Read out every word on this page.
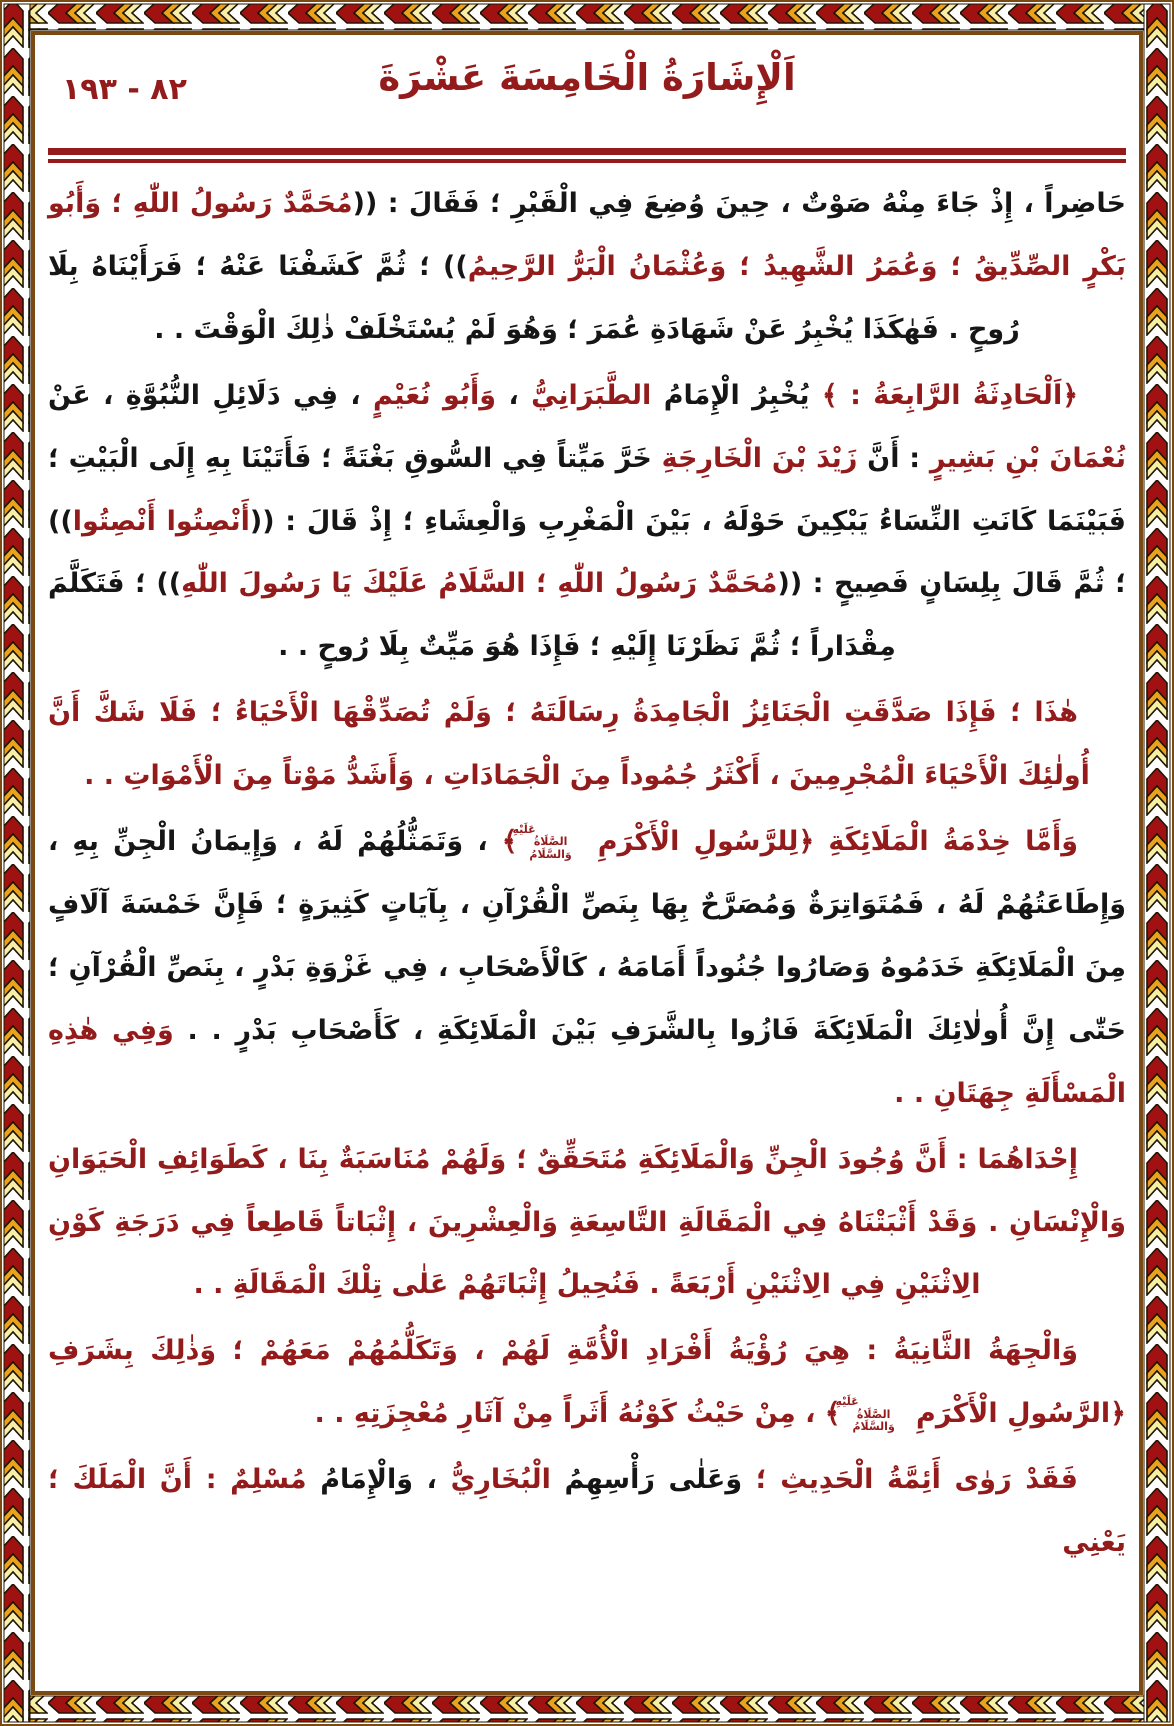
٨٢ - ١٩٣	اَلْإِشَارَةُ الْخَامِسَةَ عَشْرَةَ

حَاضِراً ، إِذْ جَاءَ مِنْهُ صَوْتٌ ، حِينَ وُضِعَ فِي الْقَبْرِ ؛ فَقَالَ : ((مُحَمَّدٌ رَسُولُ اللّٰهِ ؛ وَأَبُو بَكْرٍ الصِّدِّيقُ ؛ وَعُمَرُ الشَّهِيدُ ؛ وَعُثْمَانُ الْبَرُّ الرَّحِيمُ)) ؛ ثُمَّ كَشَفْنَا عَنْهُ ؛ فَرَأَيْنَاهُ بِلَا رُوحٍ . فَهٰكَذَا يُخْبِرُ عَنْ شَهَادَةِ عُمَرَ ؛ وَهُوَ لَمْ يُسْتَخْلَفْ ذٰلِكَ الْوَقْتَ . .

﴿اَلْحَادِثَةُ الرَّابِعَةُ : ﴾ يُخْبِرُ الْإِمَامُ الطَّبَرَانِيُّ ، وَأَبُو نُعَيْمٍ ، فِي دَلَائِلِ النُّبُوَّةِ ، عَنْ نُعْمَانَ بْنِ بَشِيرٍ : أَنَّ زَيْدَ بْنَ الْخَارِجَةِ خَرَّ مَيِّتاً فِي السُّوقِ بَغْتَةً ؛ فَأَتَيْنَا بِهِ إِلَى الْبَيْتِ ؛ فَبَيْنَمَا كَانَتِ النِّسَاءُ يَبْكِينَ حَوْلَهُ ، بَيْنَ الْمَغْرِبِ وَالْعِشَاءِ ؛ إِذْ قَالَ : ((أَنْصِتُوا أَنْصِتُوا)) ؛ ثُمَّ قَالَ بِلِسَانٍ فَصِيحٍ : ((مُحَمَّدٌ رَسُولُ اللّٰهِ ؛ السَّلَامُ عَلَيْكَ يَا رَسُولَ اللّٰهِ)) ؛ فَتَكَلَّمَ مِقْدَاراً ؛ ثُمَّ نَظَرْنَا إِلَيْهِ ؛ فَإِذَا هُوَ مَيِّتٌ بِلَا رُوحٍ . .

هٰذَا ؛ فَإِذَا صَدَّقَتِ الْجَنَائِزُ الْجَامِدَةُ رِسَالَتَهُ ؛ وَلَمْ تُصَدِّقْهَا الْأَحْيَاءُ ؛ فَلَا شَكَّ أَنَّ أُولٰئِكَ الْأَحْيَاءَ الْمُجْرِمِينَ ، أَكْثَرُ جُمُوداً مِنَ الْجَمَادَاتِ ، وَأَشَدُّ مَوْتاً مِنَ الْأَمْوَاتِ . .

وَأَمَّا خِدْمَةُ الْمَلَائِكَةِ ﴿لِلرَّسُولِ الْأَكْرَمِ عَلَيْهِ الصَّلَاةُ وَالسَّلَامُ﴾ ، وَتَمَثُّلُهُمْ لَهُ ، وَإِيمَانُ الْجِنِّ بِهِ ، وَإِطَاعَتُهُمْ لَهُ ، فَمُتَوَاتِرَةٌ وَمُصَرَّحٌ بِهَا بِنَصِّ الْقُرْآنِ ، بِآيَاتٍ كَثِيرَةٍ ؛ فَإِنَّ خَمْسَةَ آلَافٍ مِنَ الْمَلَائِكَةِ خَدَمُوهُ وَصَارُوا جُنُوداً أَمَامَهُ ، كَالْأَصْحَابِ ، فِي غَزْوَةِ بَدْرٍ ، بِنَصِّ الْقُرْآنِ ؛ حَتّٰى إِنَّ أُولٰائِكَ الْمَلَائِكَةَ فَازُوا بِالشَّرَفِ بَيْنَ الْمَلَائِكَةِ ، كَأَصْحَابِ بَدْرٍ . . وَفِي هٰذِهِ الْمَسْأَلَةِ جِهَتَانِ . .

إِحْدَاهُمَا : أَنَّ وُجُودَ الْجِنِّ وَالْمَلَائِكَةِ مُتَحَقِّقٌ ؛ وَلَهُمْ مُنَاسَبَةٌ بِنَا ، كَطَوَائِفِ الْحَيَوَانِ وَالْإِنْسَانِ . وَقَدْ أَثْبَتْنَاهُ فِي الْمَقَالَةِ التَّاسِعَةِ وَالْعِشْرِينَ ، إِثْبَاتاً قَاطِعاً فِي دَرَجَةِ كَوْنِ الِاثْنَيْنِ فِي الِاثْنَيْنِ أَرْبَعَةً . فَنُحِيلُ إِثْبَاتَهُمْ عَلٰى تِلْكَ الْمَقَالَةِ . .

وَالْجِهَةُ الثَّانِيَةُ : هِيَ رُؤْيَةُ أَفْرَادِ الْأُمَّةِ لَهُمْ ، وَتَكَلُّمُهُمْ مَعَهُمْ ؛ وَذٰلِكَ بِشَرَفِ ﴿الرَّسُولِ الْأَكْرَمِ عَلَيْهِ الصَّلَاةُ وَالسَّلَامُ﴾ ، مِنْ حَيْثُ كَوْنُهُ أَثَراً مِنْ آثَارِ مُعْجِزَتِهِ . .

فَقَدْ رَوٰى أَئِمَّةُ الْحَدِيثِ ؛ وَعَلٰى رَأْسِهِمُ الْبُخَارِيُّ ، وَالْإِمَامُ مُسْلِمٌ : أَنَّ الْمَلَكَ ؛ يَعْنِي
